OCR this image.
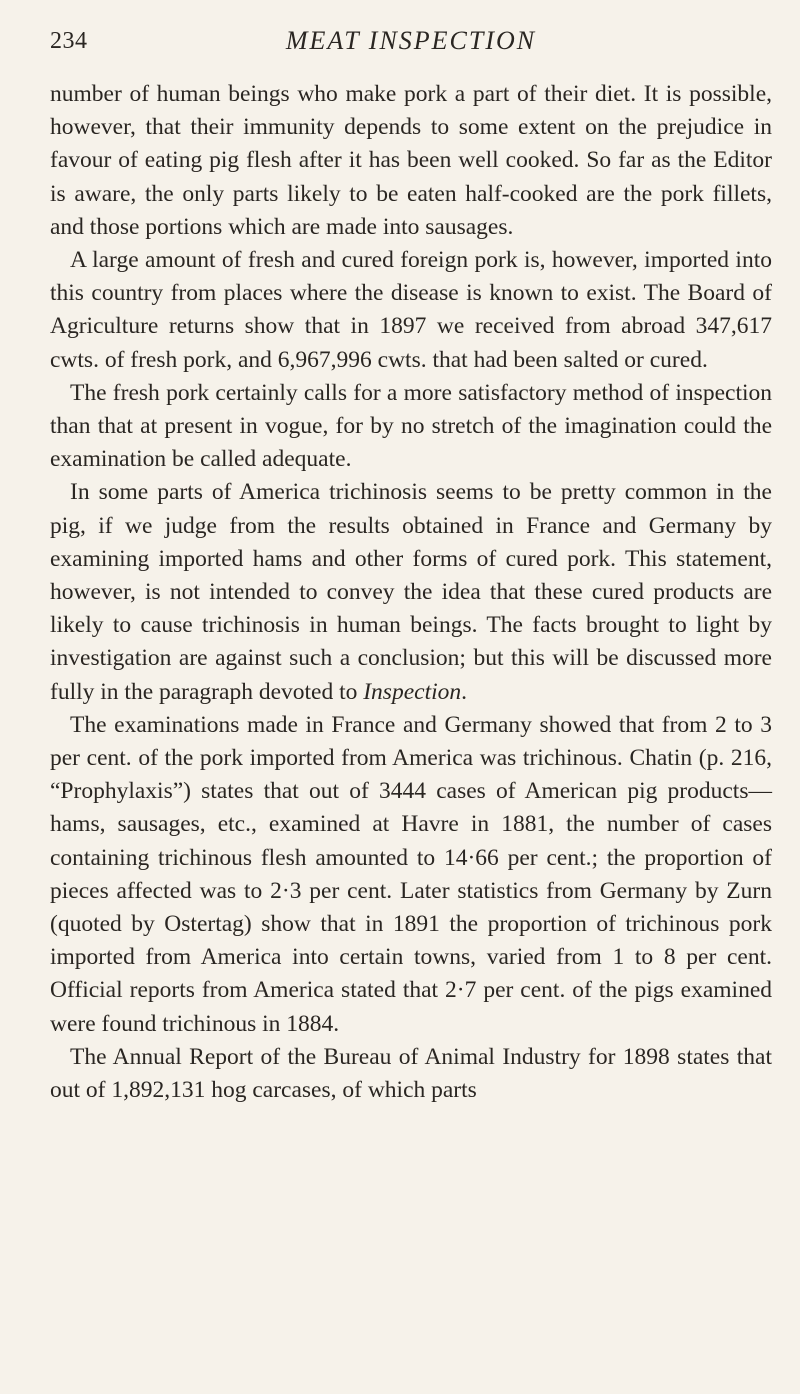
234	MEAT INSPECTION

number of human beings who make pork a part of their diet. It is possible, however, that their immunity depends to some extent on the prejudice in favour of eating pig flesh after it has been well cooked. So far as the Editor is aware, the only parts likely to be eaten half-cooked are the pork fillets, and those portions which are made into sausages.

A large amount of fresh and cured foreign pork is, however, imported into this country from places where the disease is known to exist. The Board of Agriculture returns show that in 1897 we received from abroad 347,617 cwts. of fresh pork, and 6,967,996 cwts. that had been salted or cured.

The fresh pork certainly calls for a more satisfactory method of inspection than that at present in vogue, for by no stretch of the imagination could the examination be called adequate.

In some parts of America trichinosis seems to be pretty common in the pig, if we judge from the results obtained in France and Germany by examining imported hams and other forms of cured pork. This statement, however, is not intended to convey the idea that these cured products are likely to cause trichinosis in human beings. The facts brought to light by investigation are against such a conclusion; but this will be discussed more fully in the paragraph devoted to Inspection.

The examinations made in France and Germany showed that from 2 to 3 per cent. of the pork imported from America was trichinous. Chatin (p. 216, “Prophylaxis”) states that out of 3444 cases of American pig products—hams, sausages, etc., examined at Havre in 1881, the number of cases containing trichinous flesh amounted to 14·66 per cent.; the proportion of pieces affected was to 2·3 per cent. Later statistics from Germany by Zurn (quoted by Ostertag) show that in 1891 the proportion of trichinous pork imported from America into certain towns, varied from 1 to 8 per cent. Official reports from America stated that 2·7 per cent. of the pigs examined were found trichinous in 1884.

The Annual Report of the Bureau of Animal Industry for 1898 states that out of 1,892,131 hog carcases, of which parts
